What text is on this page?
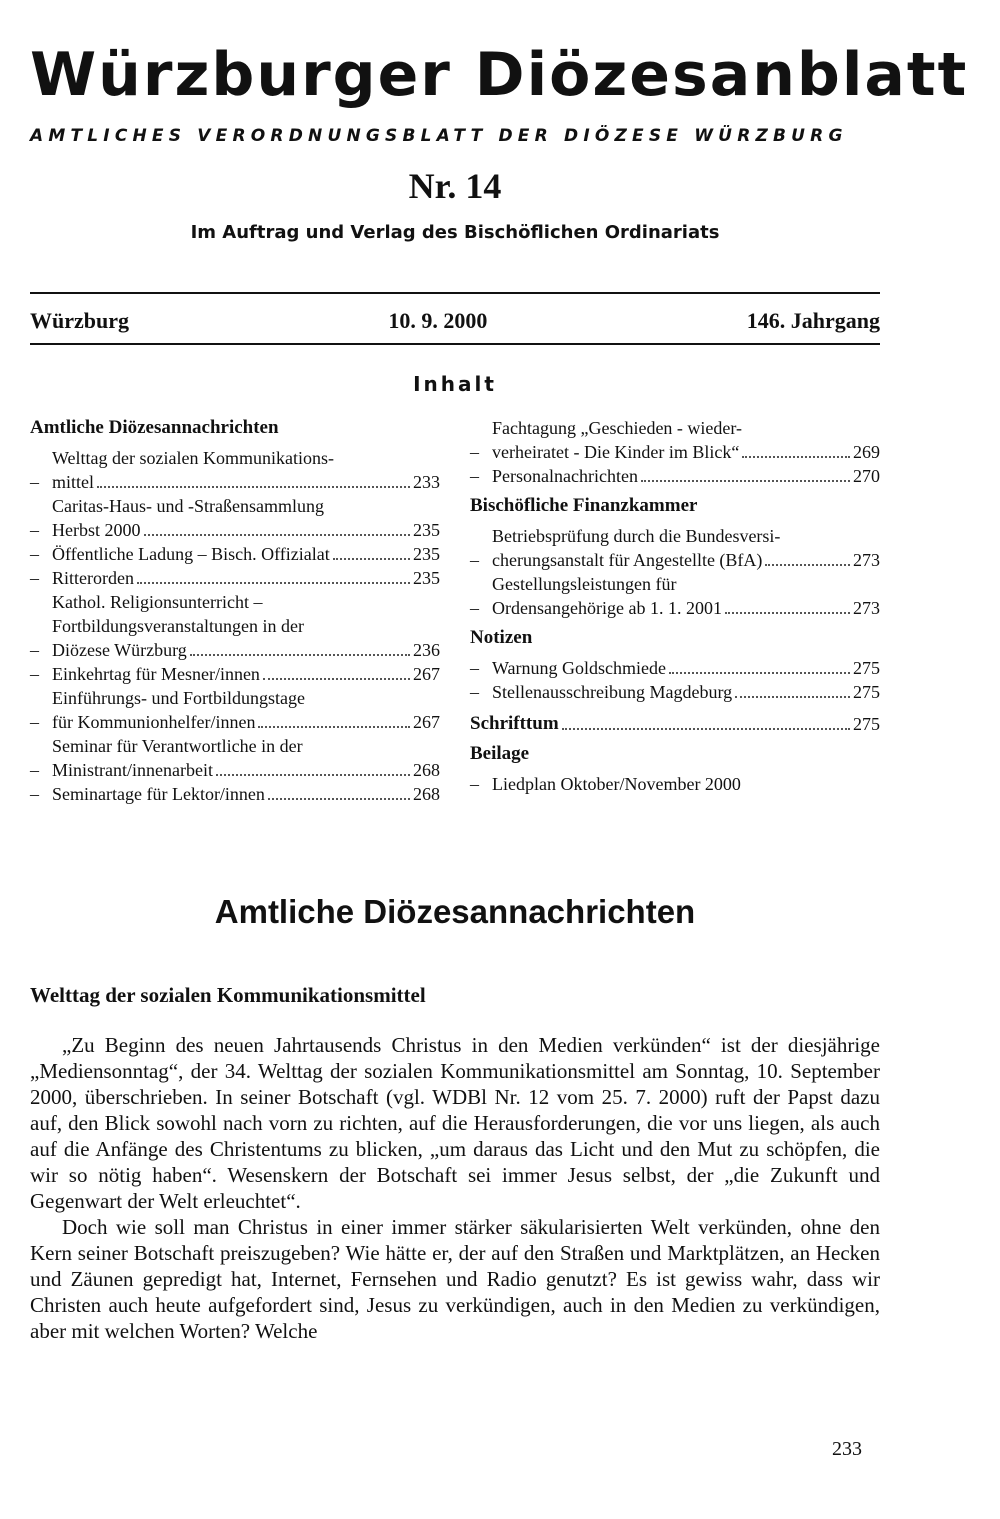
Würzburger Diözesanblatt
AMTLICHES VERORDNUNGSBLATT DER DIÖZESE WÜRZBURG
Nr. 14
Im Auftrag und Verlag des Bischöflichen Ordinariats
Würzburg	10. 9. 2000	146. Jahrgang
Inhalt
Amtliche Diözesannachrichten
–
Welttag der sozialen Kommunikations-
mittel	233
–
Caritas-Haus- und -Straßensammlung
Herbst 2000	235
– Öffentliche Ladung – Bisch. Offizialat	235
– Ritterorden	235
–
Kathol. Religionsunterricht –
Fortbildungsveranstaltungen in der
Diözese Würzburg	236
– Einkehrtag für Mesner/innen	267
–
Einführungs- und Fortbildungstage
für Kommunionhelfer/innen	267
–
Seminar für Verantwortliche in der
Ministrant/innenarbeit	268
– Seminartage für Lektor/innen	268
–
Fachtagung „Geschieden - wieder-
verheiratet - Die Kinder im Blick“	269
– Personalnachrichten	270
Bischöfliche Finanzkammer
–
Betriebsprüfung durch die Bundesversi-
cherungsanstalt für Angestellte (BfA)	273
–
Gestellungsleistungen für
Ordensangehörige ab 1. 1. 2001	273
Notizen
– Warnung Goldschmiede	275
– Stellenausschreibung Magdeburg	275
Schrifttum	275
Beilage
– Liedplan Oktober/November 2000
Amtliche Diözesannachrichten
Welttag der sozialen Kommunikationsmittel

„Zu Beginn des neuen Jahrtausends Christus in den Medien verkünden“ ist der diesjährige „Mediensonntag“, der 34. Welttag der sozialen Kommunikationsmittel am Sonntag, 10. September 2000, überschrieben. In seiner Botschaft (vgl. WDBl Nr. 12 vom 25. 7. 2000) ruft der Papst dazu auf, den Blick sowohl nach vorn zu richten, auf die Herausforderungen, die vor uns liegen, als auch auf die Anfänge des Christentums zu blicken, „um daraus das Licht und den Mut zu schöpfen, die wir so nötig haben“. Wesenskern der Botschaft sei immer Jesus selbst, der „die Zukunft und Gegenwart der Welt erleuchtet“.

Doch wie soll man Christus in einer immer stärker säkularisierten Welt verkünden, ohne den Kern seiner Botschaft preiszugeben? Wie hätte er, der auf den Straßen und Marktplätzen, an Hecken und Zäunen gepredigt hat, Internet, Fernsehen und Radio genutzt? Es ist gewiss wahr, dass wir Christen auch heute aufgefordert sind, Jesus zu verkündigen, auch in den Medien zu verkündigen, aber mit welchen Worten? Welche

233
